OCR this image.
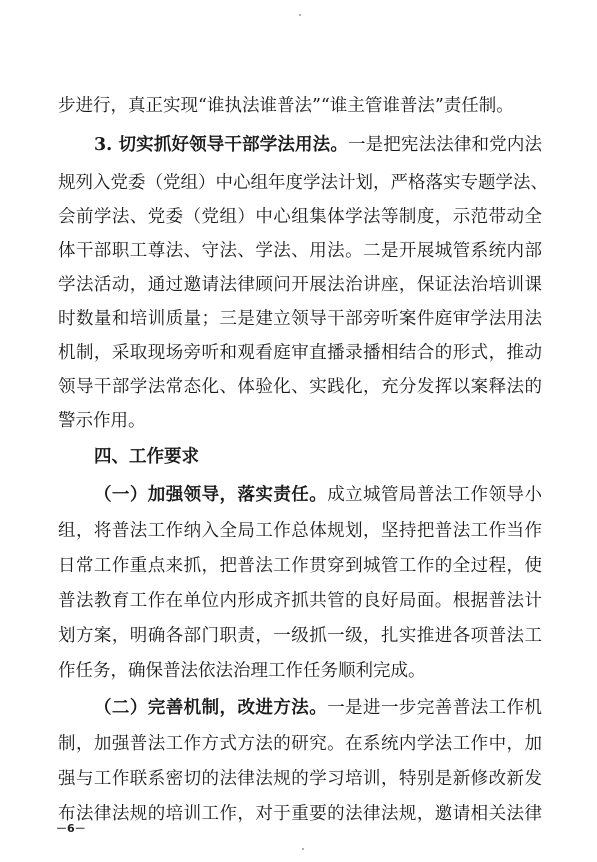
步进行，真正实现“谁执法谁普法”“谁主管谁普法”责任制。
3. 切实抓好领导干部学法用法。一是把宪法法律和党内法
规列入党委（党组）中心组年度学法计划，严格落实专题学法、
会前学法、党委（党组）中心组集体学法等制度，示范带动全
体干部职工尊法、守法、学法、用法。二是开展城管系统内部
学法活动，通过邀请法律顾问开展法治讲座，保证法治培训课
时数量和培训质量；三是建立领导干部旁听案件庭审学法用法
机制，采取现场旁听和观看庭审直播录播相结合的形式，推动
领导干部学法常态化、体验化、实践化，充分发挥以案释法的
警示作用。
四、工作要求
（一）加强领导，落实责任。成立城管局普法工作领导小
组，将普法工作纳入全局工作总体规划，坚持把普法工作当作
日常工作重点来抓，把普法工作贯穿到城管工作的全过程，使
普法教育工作在单位内形成齐抓共管的良好局面。根据普法计
划方案，明确各部门职责，一级抓一级，扎实推进各项普法工
作任务，确保普法依法治理工作任务顺利完成。
（二）完善机制，改进方法。一是进一步完善普法工作机
制，加强普法工作方式方法的研究。在系统内学法工作中，加
强与工作联系密切的法律法规的学习培训，特别是新修改新发
布法律法规的培训工作，对于重要的法律法规，邀请相关法律
－6－
